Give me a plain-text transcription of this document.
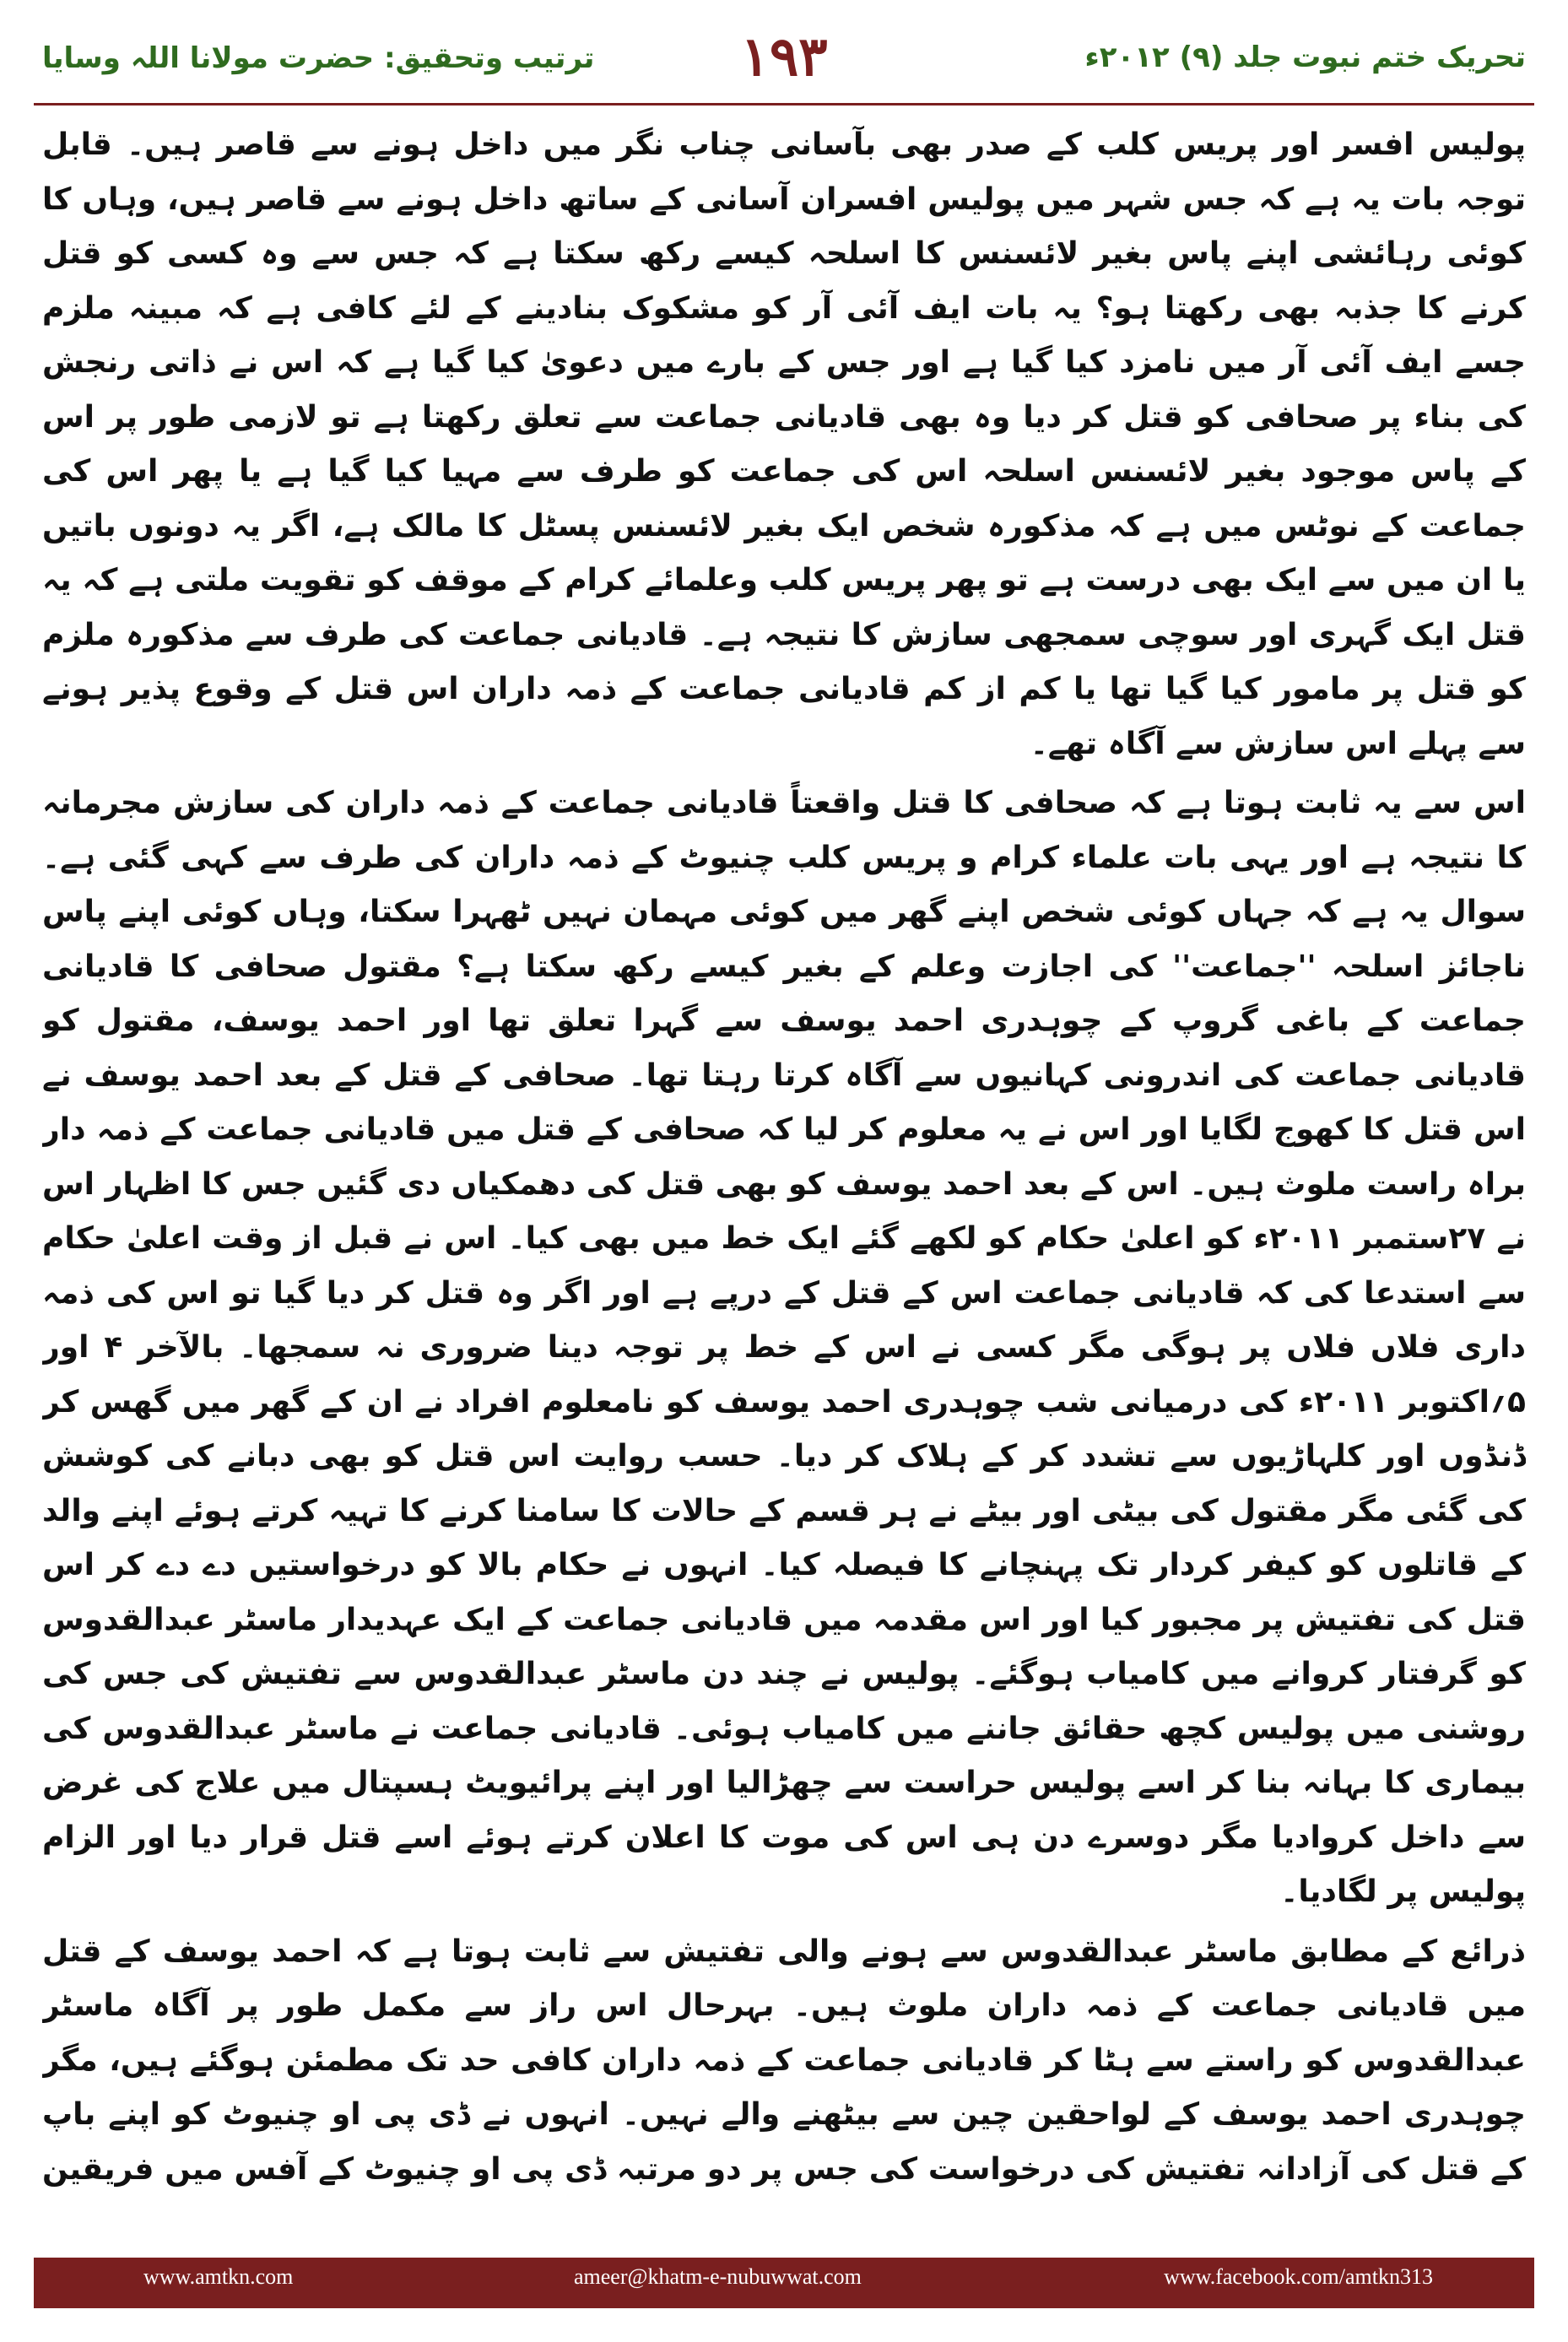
تحریک ختم نبوت جلد (۹) ۲۰۱۲ء
۱۹۳
ترتیب وتحقیق: حضرت مولانا اللہ وسایا

پولیس افسر اور پریس کلب کے صدر بھی بآسانی چناب نگر میں داخل ہونے سے قاصر ہیں۔ قابل توجہ بات یہ ہے کہ جس شہر میں پولیس افسران آسانی کے ساتھ داخل ہونے سے قاصر ہیں، وہاں کا کوئی رہائشی اپنے پاس بغیر لائسنس کا اسلحہ کیسے رکھ سکتا ہے کہ جس سے وہ کسی کو قتل کرنے کا جذبہ بھی رکھتا ہو؟ یہ بات ایف آئی آر کو مشکوک بنادینے کے لئے کافی ہے کہ مبینہ ملزم جسے ایف آئی آر میں نامزد کیا گیا ہے اور جس کے بارے میں دعویٰ کیا گیا ہے کہ اس نے ذاتی رنجش کی بناء پر صحافی کو قتل کر دیا وہ بھی قادیانی جماعت سے تعلق رکھتا ہے تو لازمی طور پر اس کے پاس موجود بغیر لائسنس اسلحہ اس کی جماعت کو طرف سے مہیا کیا گیا ہے یا پھر اس کی جماعت کے نوٹس میں ہے کہ مذکورہ شخص ایک بغیر لائسنس پسٹل کا مالک ہے، اگر یہ دونوں باتیں یا ان میں سے ایک بھی درست ہے تو پھر پریس کلب وعلمائے کرام کے موقف کو تقویت ملتی ہے کہ یہ قتل ایک گہری اور سوچی سمجھی سازش کا نتیجہ ہے۔ قادیانی جماعت کی طرف سے مذکورہ ملزم کو قتل پر مامور کیا گیا تھا یا کم از کم قادیانی جماعت کے ذمہ داران اس قتل کے وقوع پذیر ہونے سے پہلے اس سازش سے آگاہ تھے۔

اس سے یہ ثابت ہوتا ہے کہ صحافی کا قتل واقعتاً قادیانی جماعت کے ذمہ داران کی سازش مجرمانہ کا نتیجہ ہے اور یہی بات علماء کرام و پریس کلب چنیوٹ کے ذمہ داران کی طرف سے کہی گئی ہے۔ سوال یہ ہے کہ جہاں کوئی شخص اپنے گھر میں کوئی مہمان نہیں ٹھہرا سکتا، وہاں کوئی اپنے پاس ناجائز اسلحہ ''جماعت'' کی اجازت وعلم کے بغیر کیسے رکھ سکتا ہے؟ مقتول صحافی کا قادیانی جماعت کے باغی گروپ کے چوہدری احمد یوسف سے گہرا تعلق تھا اور احمد یوسف، مقتول کو قادیانی جماعت کی اندرونی کہانیوں سے آگاہ کرتا رہتا تھا۔ صحافی کے قتل کے بعد احمد یوسف نے اس قتل کا کھوج لگایا اور اس نے یہ معلوم کر لیا کہ صحافی کے قتل میں قادیانی جماعت کے ذمہ دار براہ راست ملوث ہیں۔ اس کے بعد احمد یوسف کو بھی قتل کی دھمکیاں دی گئیں جس کا اظہار اس نے ۲۷ستمبر ۲۰۱۱ء کو اعلیٰ حکام کو لکھے گئے ایک خط میں بھی کیا۔ اس نے قبل از وقت اعلیٰ حکام سے استدعا کی کہ قادیانی جماعت اس کے قتل کے درپے ہے اور اگر وہ قتل کر دیا گیا تو اس کی ذمہ داری فلاں فلاں پر ہوگی مگر کسی نے اس کے خط پر توجہ دینا ضروری نہ سمجھا۔ بالآخر ۴ اور ۵؍اکتوبر ۲۰۱۱ء کی درمیانی شب چوہدری احمد یوسف کو نامعلوم افراد نے ان کے گھر میں گھس کر ڈنڈوں اور کلہاڑیوں سے تشدد کر کے ہلاک کر دیا۔ حسب روایت اس قتل کو بھی دبانے کی کوشش کی گئی مگر مقتول کی بیٹی اور بیٹے نے ہر قسم کے حالات کا سامنا کرنے کا تہیہ کرتے ہوئے اپنے والد کے قاتلوں کو کیفر کردار تک پہنچانے کا فیصلہ کیا۔ انہوں نے حکام بالا کو درخواستیں دے دے کر اس قتل کی تفتیش پر مجبور کیا اور اس مقدمہ میں قادیانی جماعت کے ایک عہدیدار ماسٹر عبدالقدوس کو گرفتار کروانے میں کامیاب ہوگئے۔ پولیس نے چند دن ماسٹر عبدالقدوس سے تفتیش کی جس کی روشنی میں پولیس کچھ حقائق جاننے میں کامیاب ہوئی۔ قادیانی جماعت نے ماسٹر عبدالقدوس کی بیماری کا بہانہ بنا کر اسے پولیس حراست سے چھڑالیا اور اپنے پرائیویٹ ہسپتال میں علاج کی غرض سے داخل کروادیا مگر دوسرے دن ہی اس کی موت کا اعلان کرتے ہوئے اسے قتل قرار دیا اور الزام پولیس پر لگادیا۔

ذرائع کے مطابق ماسٹر عبدالقدوس سے ہونے والی تفتیش سے ثابت ہوتا ہے کہ احمد یوسف کے قتل میں قادیانی جماعت کے ذمہ داران ملوث ہیں۔ بہرحال اس راز سے مکمل طور پر آگاہ ماسٹر عبدالقدوس کو راستے سے ہٹا کر قادیانی جماعت کے ذمہ داران کافی حد تک مطمئن ہوگئے ہیں، مگر چوہدری احمد یوسف کے لواحقین چین سے بیٹھنے والے نہیں۔ انہوں نے ڈی پی او چنیوٹ کو اپنے باپ کے قتل کی آزادانہ تفتیش کی درخواست کی جس پر دو مرتبہ ڈی پی او چنیوٹ کے آفس میں فریقین

www.amtkn.com	ameer@khatm-e-nubuwwat.com	www.facebook.com/amtkn313
